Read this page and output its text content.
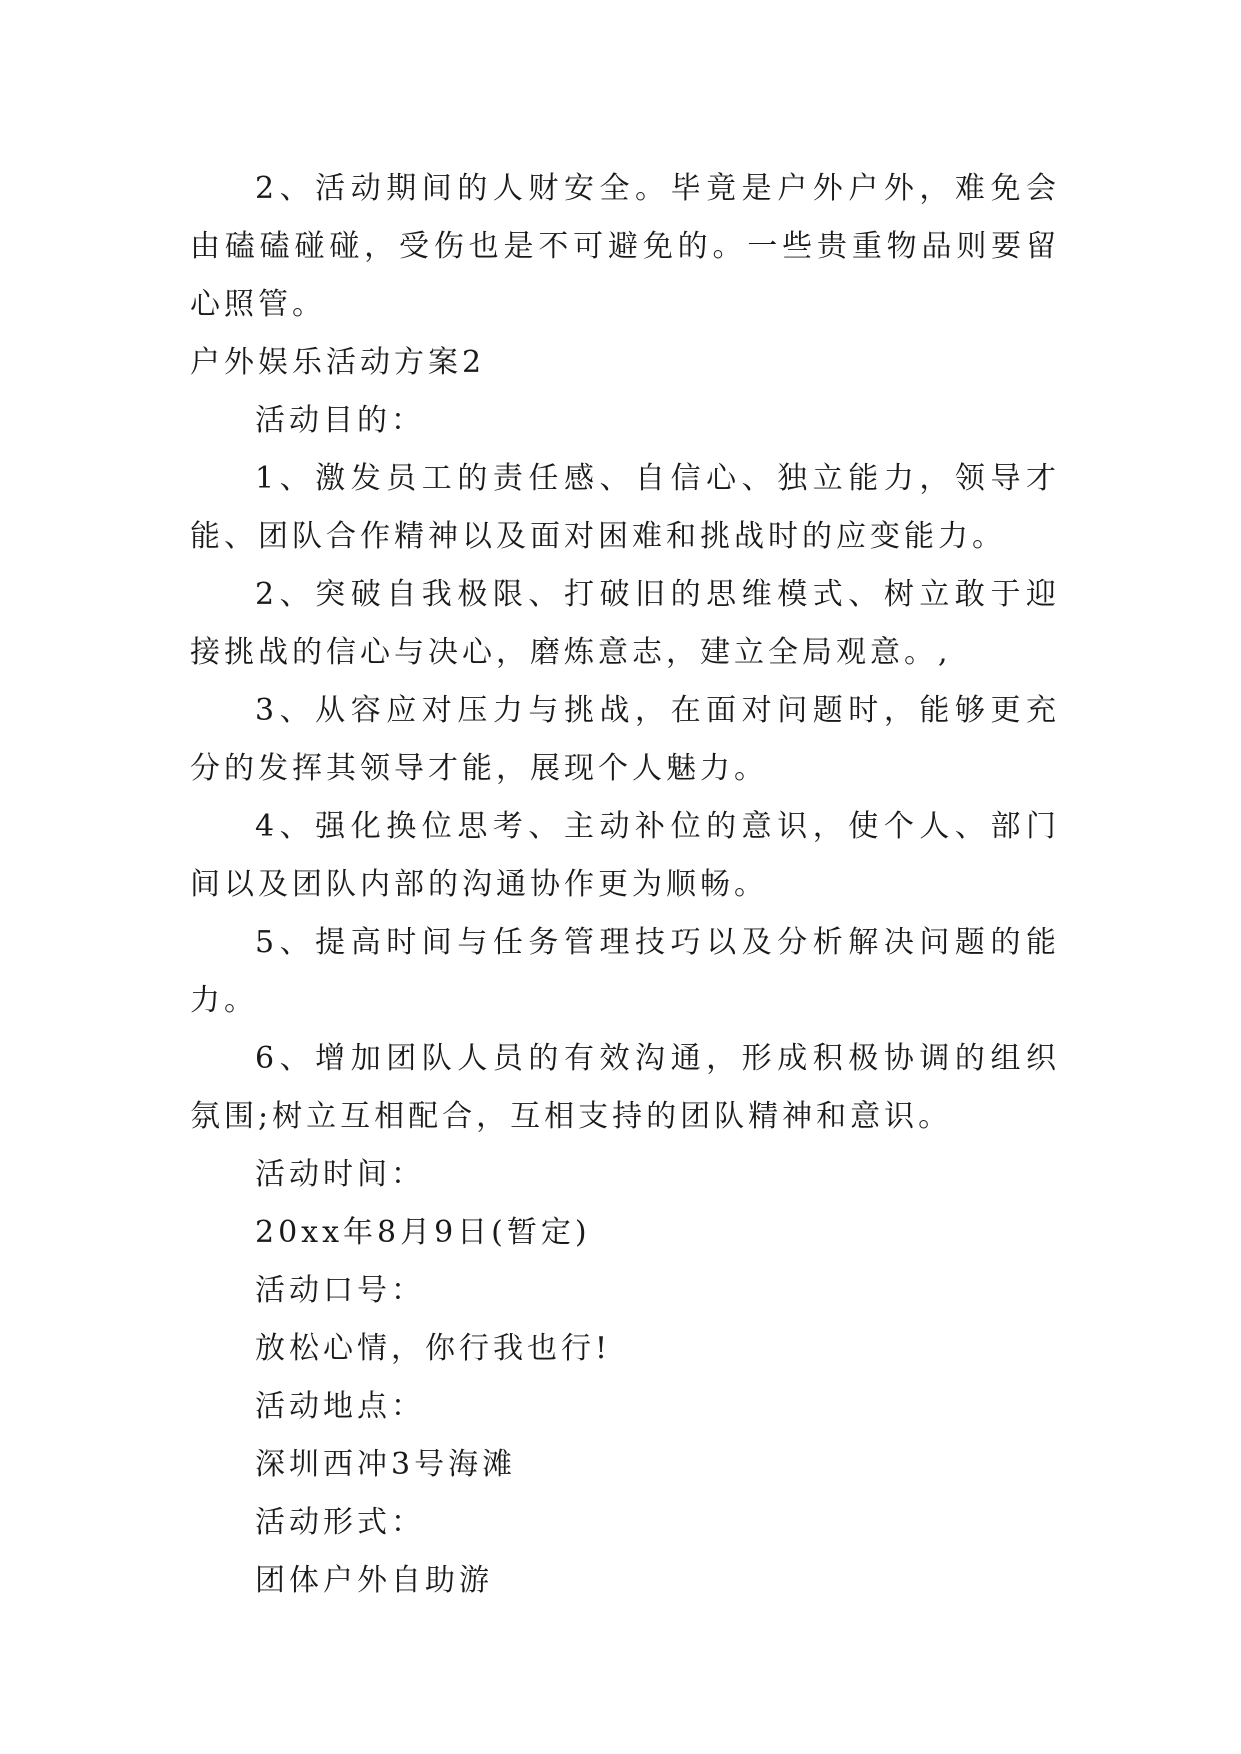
2、活动期间的人财安全。毕竟是户外户外，难免会由磕磕碰碰，受伤也是不可避免的。一些贵重物品则要留心照管。

户外娱乐活动方案2

活动目的：

1、激发员工的责任感、自信心、独立能力，领导才能、团队合作精神以及面对困难和挑战时的应变能力。

2、突破自我极限、打破旧的思维模式、树立敢于迎接挑战的信心与决心，磨炼意志，建立全局观意。,

3、从容应对压力与挑战，在面对问题时，能够更充分的发挥其领导才能，展现个人魅力。

4、强化换位思考、主动补位的意识，使个人、部门间以及团队内部的沟通协作更为顺畅。

5、提高时间与任务管理技巧以及分析解决问题的能力。

6、增加团队人员的有效沟通，形成积极协调的组织氛围;树立互相配合，互相支持的团队精神和意识。

活动时间：

20xx年8月9日(暂定)

活动口号：

放松心情，你行我也行!

活动地点：

深圳西冲3号海滩

活动形式：

团体户外自助游
